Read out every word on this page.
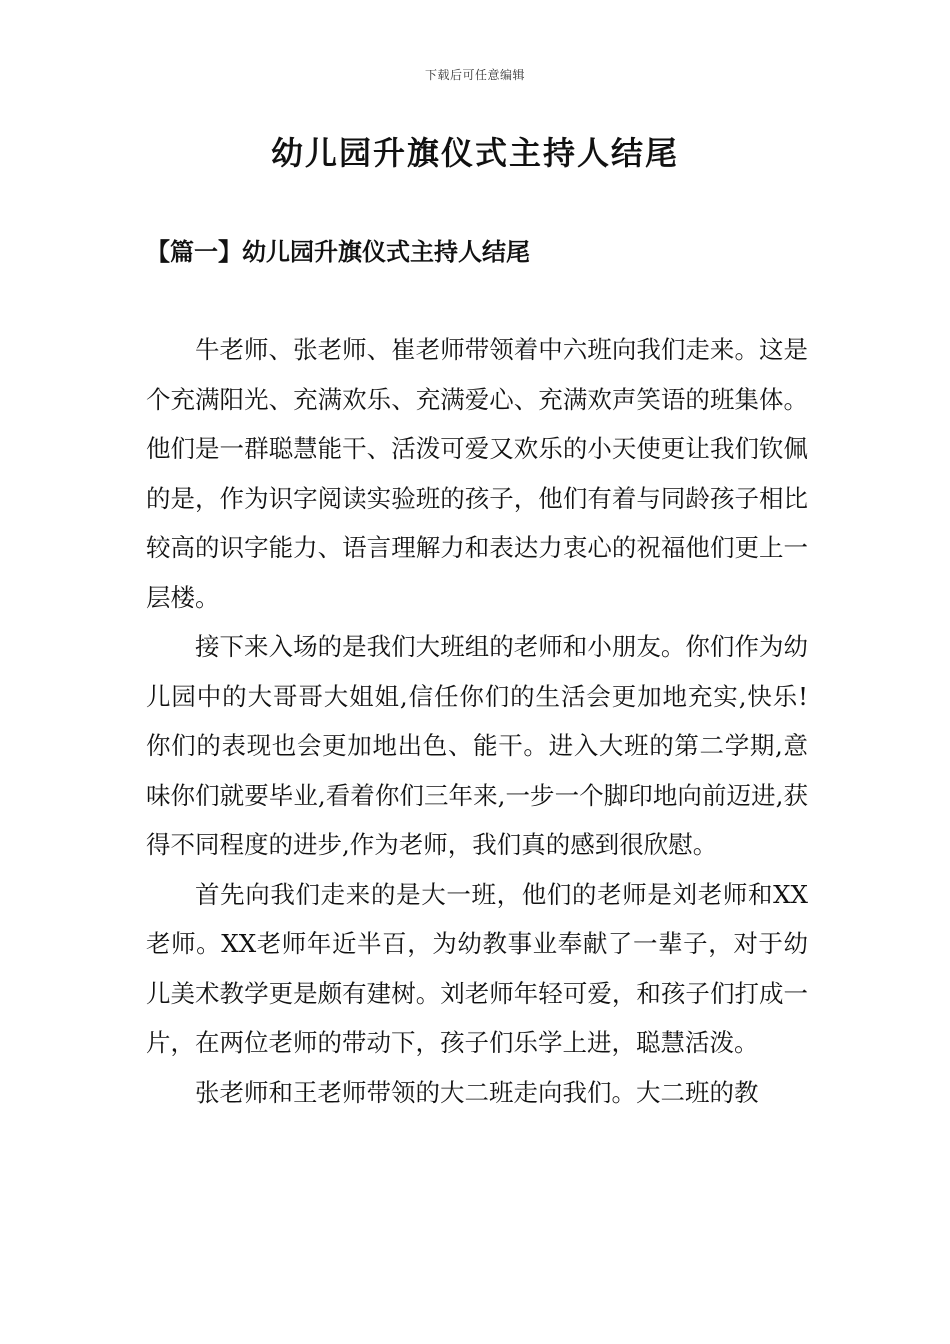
下载后可任意编辑
幼儿园升旗仪式主持人结尾
【篇一】幼儿园升旗仪式主持人结尾

牛老师、张老师、崔老师带领着中六班向我们走来。这是个充满阳光、充满欢乐、充满爱心、充满欢声笑语的班集体。他们是一群聪慧能干、活泼可爱又欢乐的小天使更让我们钦佩的是，作为识字阅读实验班的孩子，他们有着与同龄孩子相比较高的识字能力、语言理解力和表达力衷心的祝福他们更上一层楼。

接下来入场的是我们大班组的老师和小朋友。你们作为幼儿园中的大哥哥大姐姐,信任你们的生活会更加地充实,快乐!你们的表现也会更加地出色、能干。进入大班的第二学期,意味你们就要毕业,看着你们三年来,一步一个脚印地向前迈进,获得不同程度的进步,作为老师，我们真的感到很欣慰。

首先向我们走来的是大一班，他们的老师是刘老师和XX老师。XX老师年近半百，为幼教事业奉献了一辈子，对于幼儿美术教学更是颇有建树。刘老师年轻可爱，和孩子们打成一片，在两位老师的带动下，孩子们乐学上进，聪慧活泼。

张老师和王老师带领的大二班走向我们。大二班的教
